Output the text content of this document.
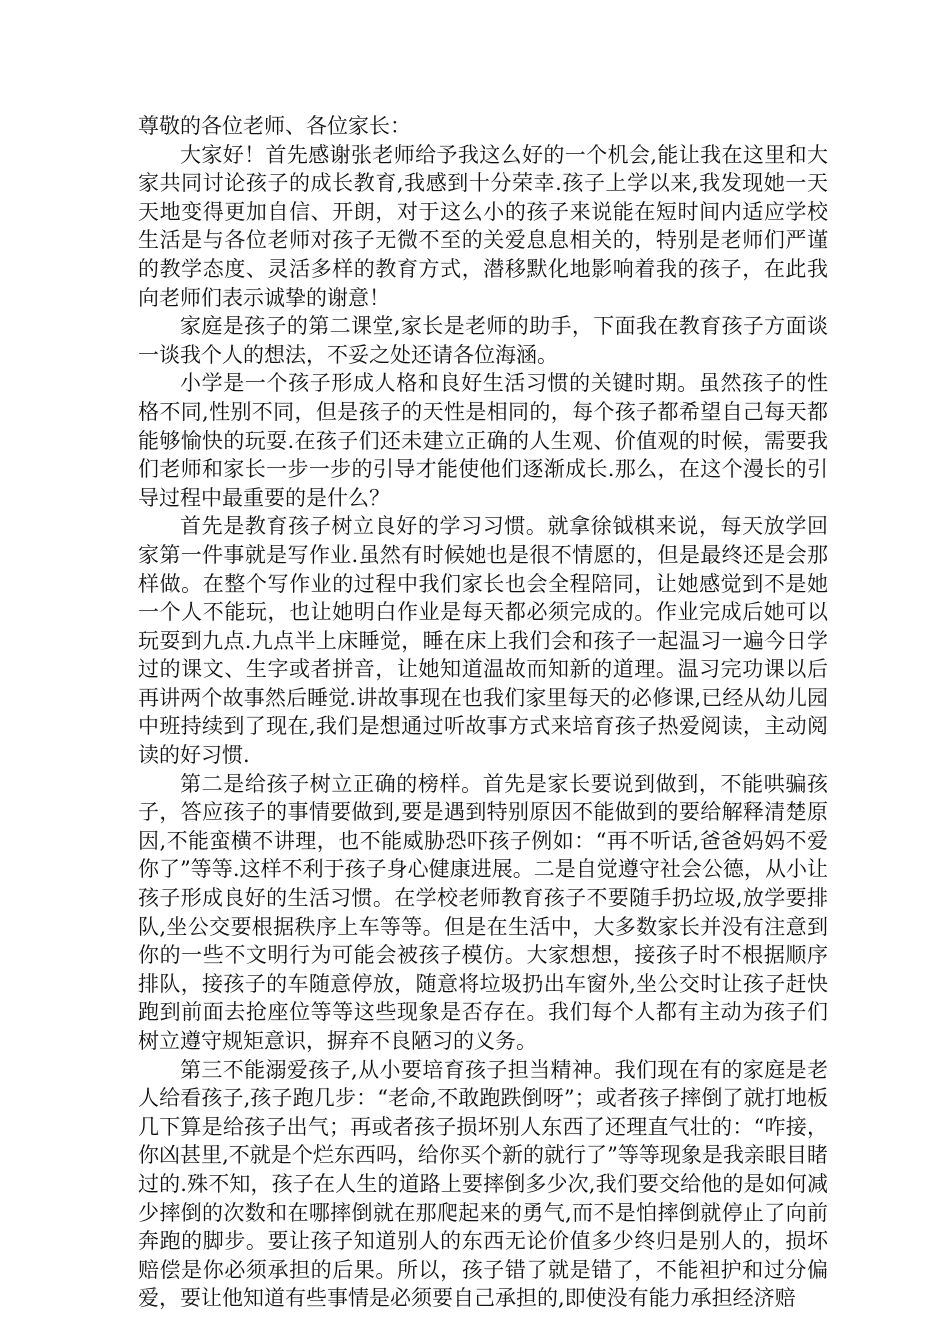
尊敬的各位老师、各位家长：

大家好！首先感谢张老师给予我这么好的一个机会,能让我在这里和大家共同讨论孩子的成长教育,我感到十分荣幸.孩子上学以来,我发现她一天天地变得更加自信、开朗，对于这么小的孩子来说能在短时间内适应学校生活是与各位老师对孩子无微不至的关爱息息相关的，特别是老师们严谨的教学态度、灵活多样的教育方式，潜移默化地影响着我的孩子，在此我向老师们表示诚挚的谢意！

家庭是孩子的第二课堂,家长是老师的助手，下面我在教育孩子方面谈一谈我个人的想法，不妥之处还请各位海涵。

小学是一个孩子形成人格和良好生活习惯的关键时期。虽然孩子的性格不同,性别不同，但是孩子的天性是相同的，每个孩子都希望自己每天都能够愉快的玩耍.在孩子们还未建立正确的人生观、价值观的时候，需要我们老师和家长一步一步的引导才能使他们逐渐成长.那么，在这个漫长的引导过程中最重要的是什么？

首先是教育孩子树立良好的学习习惯。就拿徐钺棋来说，每天放学回家第一件事就是写作业.虽然有时候她也是很不情愿的，但是最终还是会那样做。在整个写作业的过程中我们家长也会全程陪同，让她感觉到不是她一个人不能玩，也让她明白作业是每天都必须完成的。作业完成后她可以玩耍到九点.九点半上床睡觉，睡在床上我们会和孩子一起温习一遍今日学过的课文、生字或者拼音，让她知道温故而知新的道理。温习完功课以后再讲两个故事然后睡觉.讲故事现在也我们家里每天的必修课,已经从幼儿园中班持续到了现在,我们是想通过听故事方式来培育孩子热爱阅读，主动阅读的好习惯.

第二是给孩子树立正确的榜样。首先是家长要说到做到，不能哄骗孩子，答应孩子的事情要做到,要是遇到特别原因不能做到的要给解释清楚原因,不能蛮横不讲理，也不能威胁恐吓孩子例如：“再不听话,爸爸妈妈不爱你了”等等.这样不利于孩子身心健康进展。二是自觉遵守社会公德，从小让孩子形成良好的生活习惯。在学校老师教育孩子不要随手扔垃圾,放学要排队,坐公交要根据秩序上车等等。但是在生活中，大多数家长并没有注意到你的一些不文明行为可能会被孩子模仿。大家想想，接孩子时不根据顺序排队，接孩子的车随意停放，随意将垃圾扔出车窗外,坐公交时让孩子赶快跑到前面去抢座位等等这些现象是否存在。我们每个人都有主动为孩子们树立遵守规矩意识，摒弃不良陋习的义务。

第三不能溺爱孩子,从小要培育孩子担当精神。我们现在有的家庭是老人给看孩子,孩子跑几步：“老命,不敢跑跌倒呀”；或者孩子摔倒了就打地板几下算是给孩子出气；再或者孩子损坏别人东西了还理直气壮的：“咋接，你凶甚里,不就是个烂东西吗，给你买个新的就行了”等等现象是我亲眼目睹过的.殊不知，孩子在人生的道路上要摔倒多少次,我们要交给他的是如何减少摔倒的次数和在哪摔倒就在那爬起来的勇气,而不是怕摔倒就停止了向前奔跑的脚步。要让孩子知道别人的东西无论价值多少终归是别人的，损坏赔偿是你必须承担的后果。所以，孩子错了就是错了，不能袒护和过分偏爱，要让他知道有些事情是必须要自己承担的,即使没有能力承担经济赔
